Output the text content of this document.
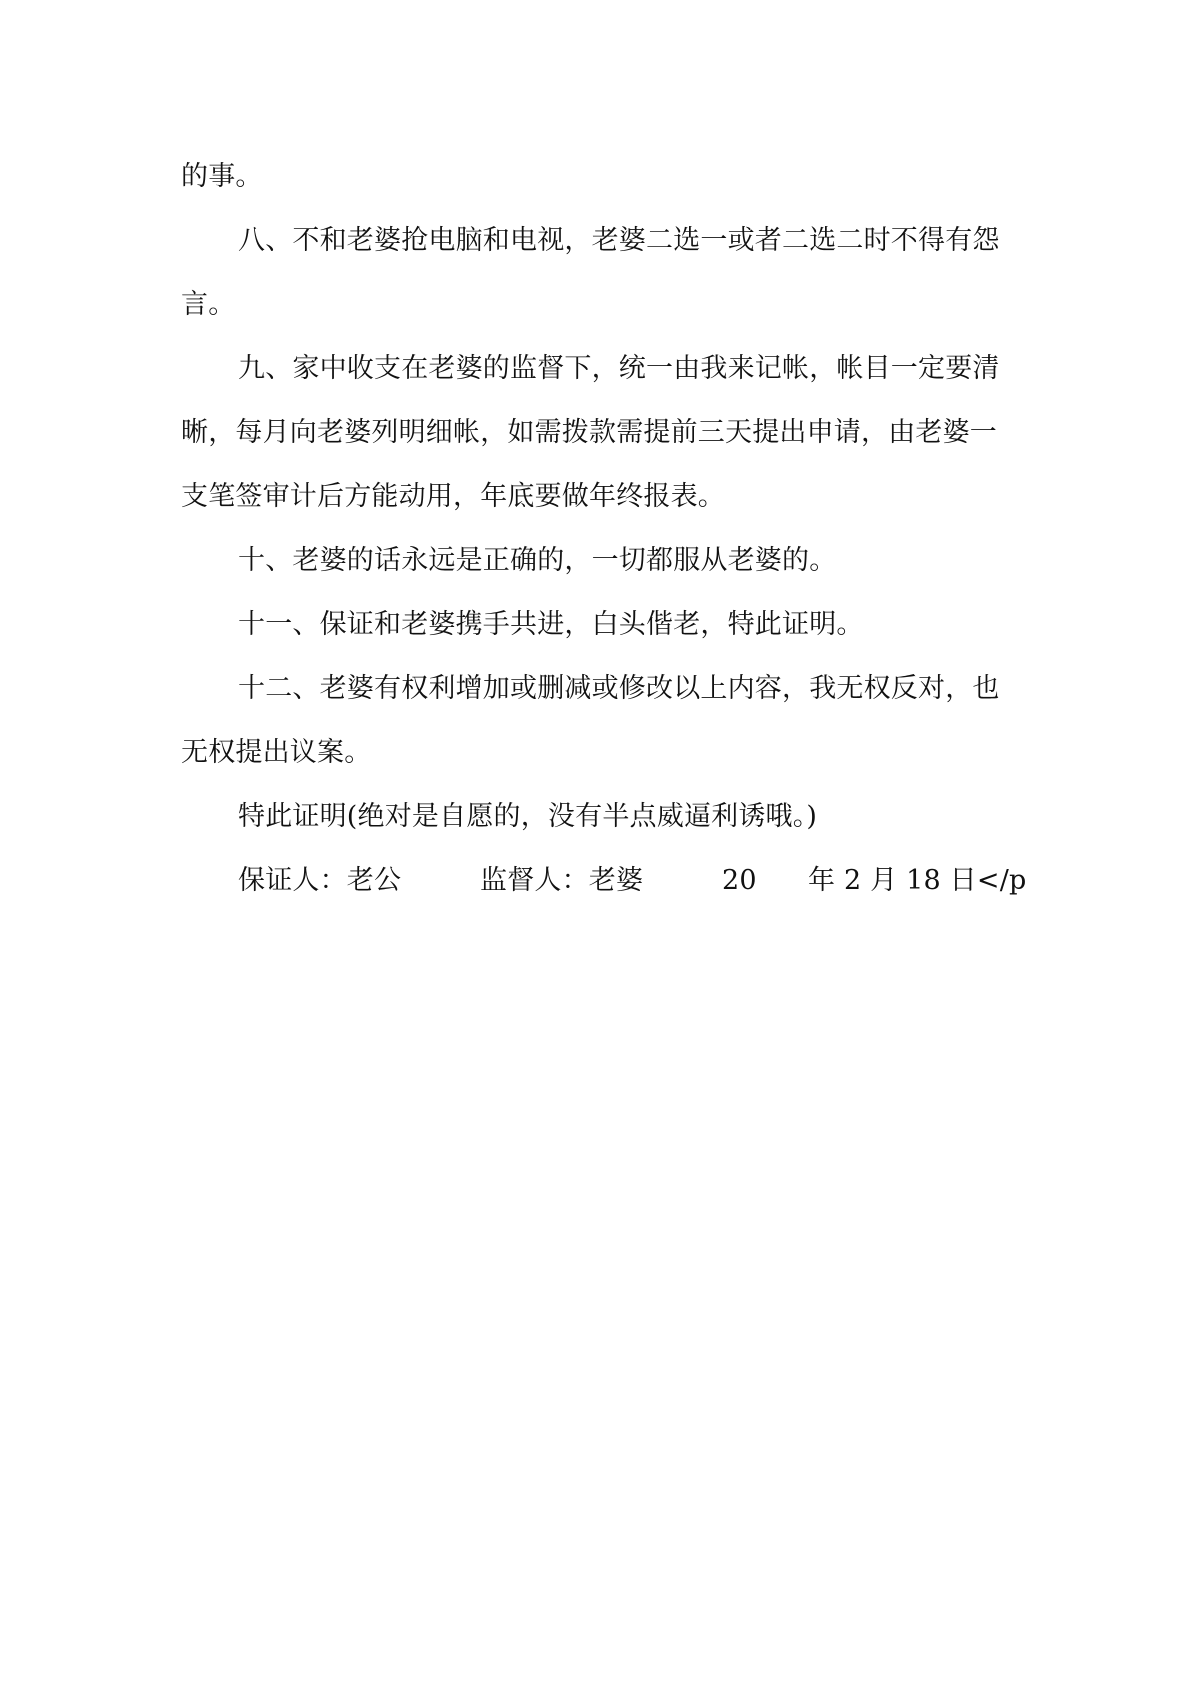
的事。
八、不和老婆抢电脑和电视，老婆二选一或者二选二时不得有怨
言。
九、家中收支在老婆的监督下，统一由我来记帐，帐目一定要清
晰，每月向老婆列明细帐，如需拨款需提前三天提出申请，由老婆一
支笔签审计后方能动用，年底要做年终报表。
十、老婆的话永远是正确的，一切都服从老婆的。
十一、保证和老婆携手共进，白头偕老，特此证明。
十二、老婆有权利增加或删减或修改以上内容，我无权反对，也
无权提出议案。
特此证明(绝对是自愿的，没有半点威逼利诱哦。)
保证人：老公	监督人：老婆	20 年 2 月 18 日</p
